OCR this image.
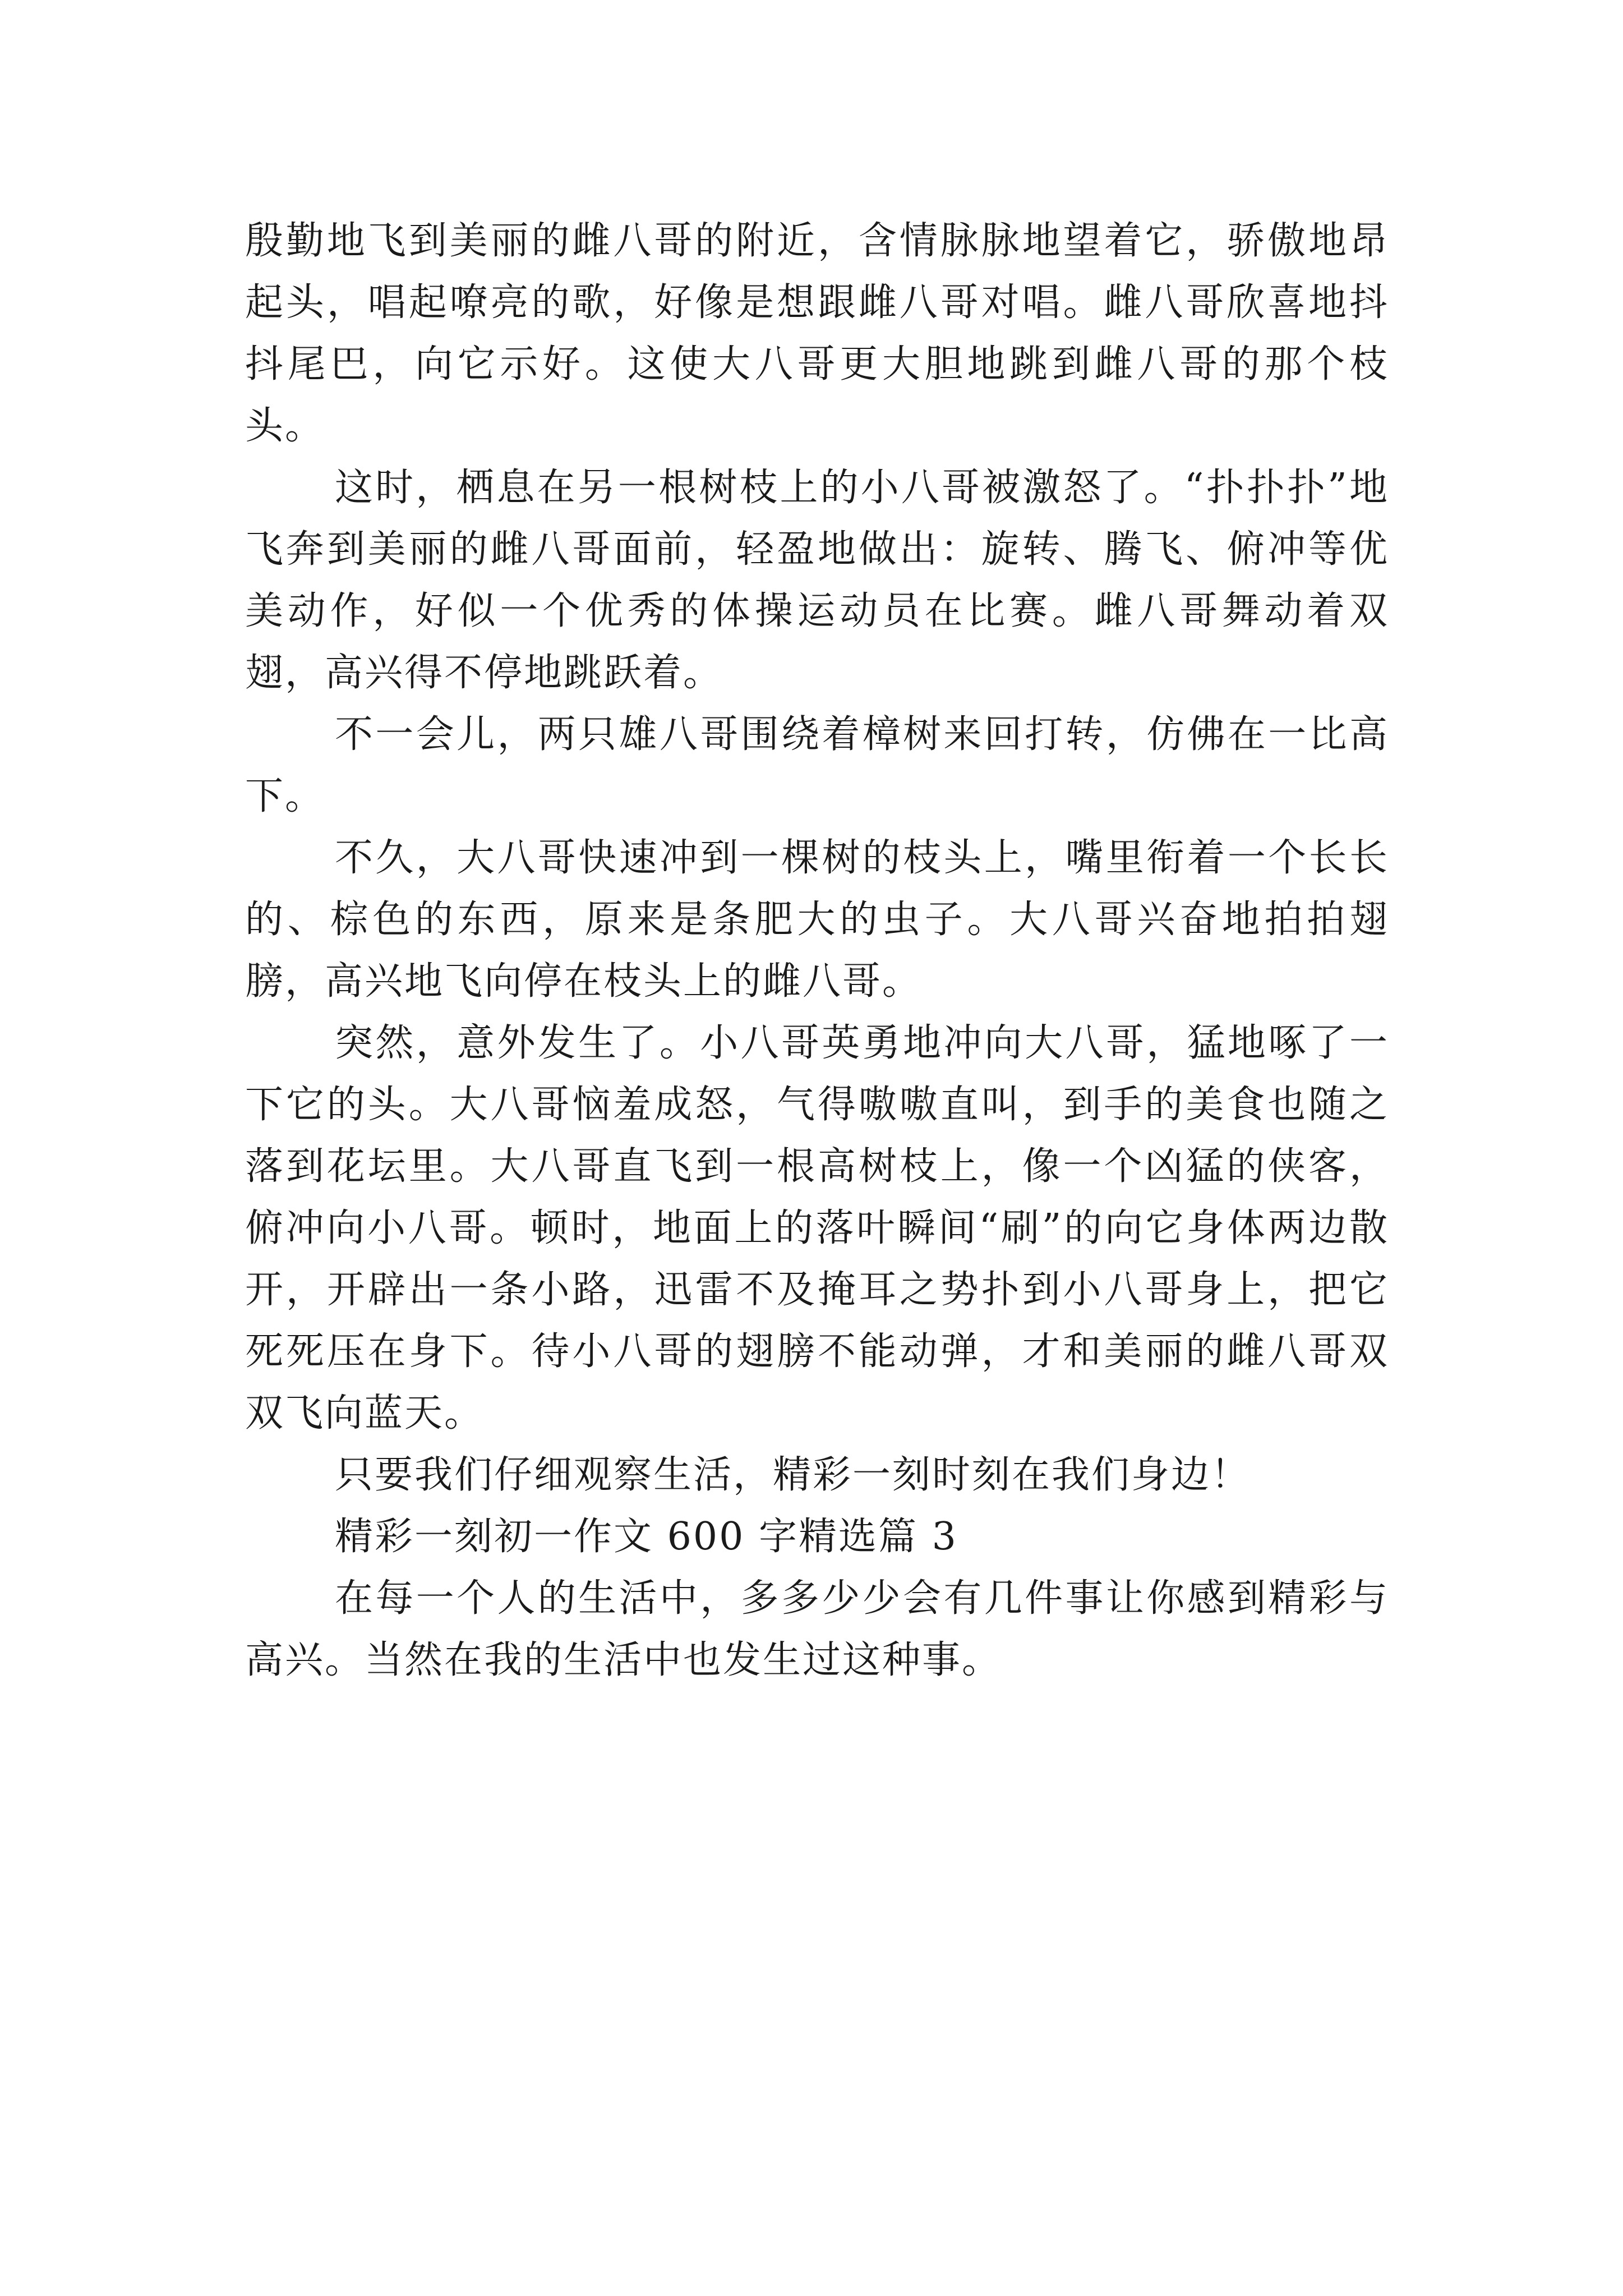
殷勤地飞到美丽的雌八哥的附近，含情脉脉地望着它，骄傲地昂起头，唱起嘹亮的歌，好像是想跟雌八哥对唱。雌八哥欣喜地抖抖尾巴，向它示好。这使大八哥更大胆地跳到雌八哥的那个枝头。

这时，栖息在另一根树枝上的小八哥被激怒了。“扑扑扑”地飞奔到美丽的雌八哥面前，轻盈地做出：旋转、腾飞、俯冲等优美动作，好似一个优秀的体操运动员在比赛。雌八哥舞动着双翅，高兴得不停地跳跃着。

不一会儿，两只雄八哥围绕着樟树来回打转，仿佛在一比高下。

不久，大八哥快速冲到一棵树的枝头上，嘴里衔着一个长长的、棕色的东西，原来是条肥大的虫子。大八哥兴奋地拍拍翅膀，高兴地飞向停在枝头上的雌八哥。

突然，意外发生了。小八哥英勇地冲向大八哥，猛地啄了一下它的头。大八哥恼羞成怒，气得嗷嗷直叫，到手的美食也随之落到花坛里。大八哥直飞到一根高树枝上，像一个凶猛的侠客，俯冲向小八哥。顿时，地面上的落叶瞬间“刷”的向它身体两边散开，开辟出一条小路，迅雷不及掩耳之势扑到小八哥身上，把它死死压在身下。待小八哥的翅膀不能动弹，才和美丽的雌八哥双双飞向蓝天。

只要我们仔细观察生活，精彩一刻时刻在我们身边！

精彩一刻初一作文 600 字精选篇 3

在每一个人的生活中，多多少少会有几件事让你感到精彩与高兴。当然在我的生活中也发生过这种事。
